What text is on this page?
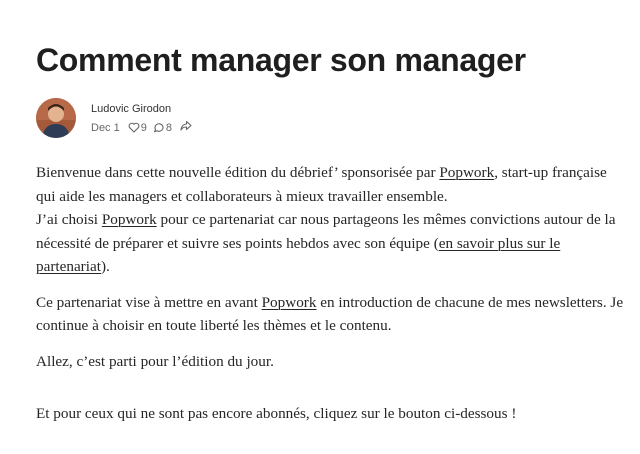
Comment manager son manager
Ludovic Girodon
Dec 1 9 8

Bienvenue dans cette nouvelle édition du débrief’ sponsorisée par Popwork, start-up française qui aide les managers et collaborateurs à mieux travailler ensemble.
J’ai choisi Popwork pour ce partenariat car nous partageons les mêmes convictions autour de la nécessité de préparer et suivre ses points hebdos avec son équipe (en savoir plus sur le partenariat).

Ce partenariat vise à mettre en avant Popwork en introduction de chacune de mes newsletters. Je continue à choisir en toute liberté les thèmes et le contenu.

Allez, c’est parti pour l’édition du jour.

Et pour ceux qui ne sont pas encore abonnés, cliquez sur le bouton ci-dessous !
